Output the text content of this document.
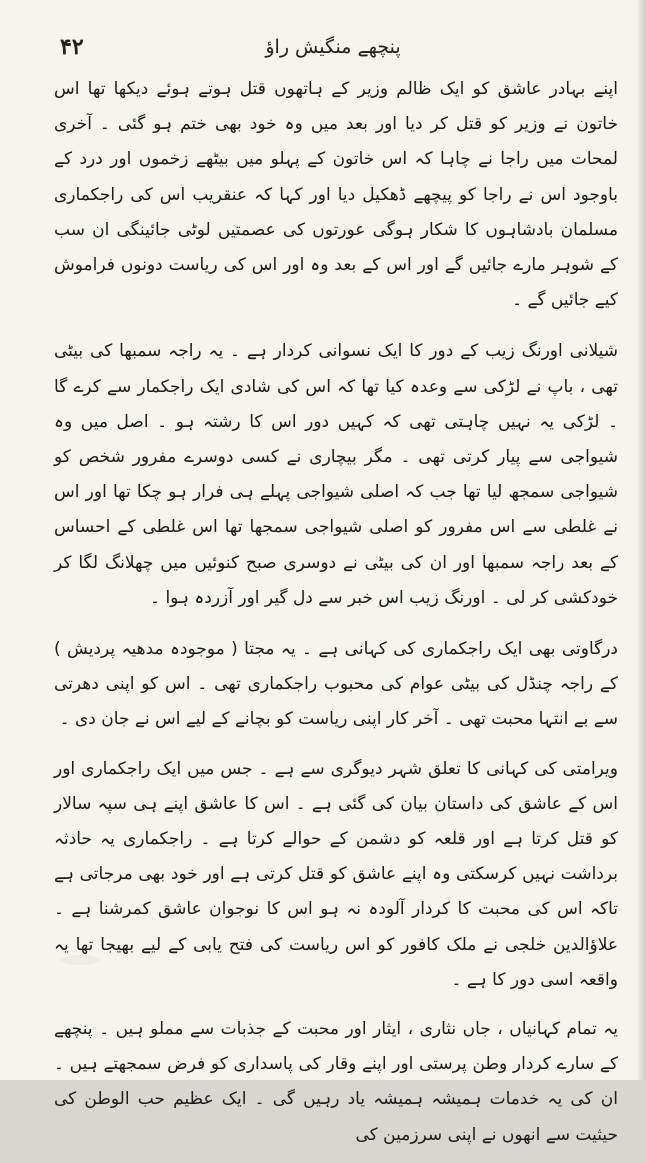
۴۲	پنچھے منگیش راؤ

اپنے بہادر عاشق کو ایک ظالم وزیر کے ہاتھوں قتل ہوتے ہوئے دیکھا تھا اس خاتون نے وزیر کو قتل کر دیا اور بعد میں وہ خود بھی ختم ہو گئی ۔ آخری لمحات میں راجا نے چاہا کہ اس خاتون کے پہلو میں بیٹھے زخموں اور درد کے باوجود اس نے راجا کو پیچھے ڈھکیل دیا اور کہا کہ عنقریب اس کی راجکماری مسلمان بادشاہوں کا شکار ہوگی عورتوں کی عصمتیں لوٹی جائینگی ان سب کے شوہر مارے جائیں گے اور اس کے بعد وہ اور اس کی ریاست دونوں فراموش کیے جائیں گے ۔

شیلانی اورنگ زیب کے دور کا ایک نسوانی کردار ہے ۔ یہ راجہ سمبھا کی بیٹی تھی ، باپ نے لڑکی سے وعدہ کیا تھا کہ اس کی شادی ایک راجکمار سے کرے گا ۔ لڑکی یہ نہیں چاہتی تھی کہ کہیں دور اس کا رشتہ ہو ۔ اصل میں وہ شیواجی سے پیار کرتی تھی ۔ مگر بیچاری نے کسی دوسرے مفرور شخص کو شیواجی سمجھ لیا تھا جب کہ اصلی شیواجی پہلے ہی فرار ہو چکا تھا اور اس نے غلطی سے اس مفرور کو اصلی شیواجی سمجھا تھا اس غلطی کے احساس کے بعد راجہ سمبھا اور ان کی بیٹی نے دوسری صبح کنوئیں میں چھلانگ لگا کر خودکشی کر لی ۔ اورنگ زیب اس خبر سے دل گیر اور آزردہ ہوا ۔

درگاوتی بھی ایک راجکماری کی کہانی ہے ۔ یہ مجتا ( موجودہ مدھیہ پردیش ) کے راجہ چنڈل کی بیٹی عوام کی محبوب راجکماری تھی ۔ اس کو اپنی دھرتی سے بے انتہا محبت تھی ۔ آخر کار اپنی ریاست کو بچانے کے لیے اس نے جان دی ۔

ویرامتی کی کہانی کا تعلق شہر دیوگری سے ہے ۔ جس میں ایک راجکماری اور اس کے عاشق کی داستان بیان کی گئی ہے ۔ اس کا عاشق اپنے ہی سپہ سالار کو قتل کرتا ہے اور قلعہ کو دشمن کے حوالے کرتا ہے ۔ راجکماری یہ حادثہ برداشت نہیں کرسکتی وہ اپنے عاشق کو قتل کرتی ہے اور خود بھی مرجاتی ہے تاکہ اس کی محبت کا کردار آلودہ نہ ہو اس کا نوجوان عاشق کمرشنا ہے ۔ علاؤالدین خلجی نے ملک کافور کو اس ریاست کی فتح یابی کے لیے بھیجا تھا یہ واقعہ اسی دور کا ہے ۔

یہ تمام کہانیاں ، جاں نثاری ، ایثار اور محبت کے جذبات سے مملو ہیں ۔ پنچھے کے سارے کردار وطن پرستی اور اپنے وقار کی پاسداری کو فرض سمجھتے ہیں ۔ ان کی یہ خدمات ہمیشہ ہمیشہ یاد رہیں گی ۔ ایک عظیم حب الوطن کی حیثیت سے انھوں نے اپنی سرزمین کی
